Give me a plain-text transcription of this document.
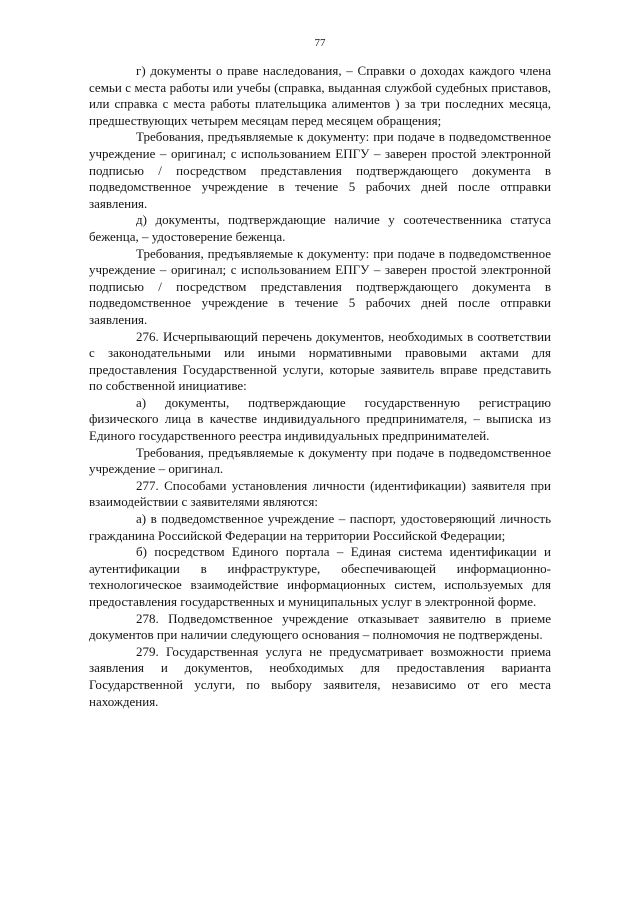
77

г) документы о праве наследования, – Справки о доходах каждого члена семьи с места работы или учебы (справка, выданная службой судебных приставов, или справка с места работы плательщика алиментов ) за три последних месяца, предшествующих четырем месяцам перед месяцем обращения;

Требования, предъявляемые к документу: при подаче в подведомственное учреждение – оригинал; с использованием ЕПГУ – заверен простой электронной подписью / посредством представления подтверждающего документа в подведомственное учреждение в течение 5 рабочих дней после отправки заявления.

д) документы, подтверждающие наличие у соотечественника статуса беженца, – удостоверение беженца.

Требования, предъявляемые к документу: при подаче в подведомственное учреждение – оригинал; с использованием ЕПГУ – заверен простой электронной подписью / посредством представления подтверждающего документа в подведомственное учреждение в течение 5 рабочих дней после отправки заявления.

276. Исчерпывающий перечень документов, необходимых в соответствии с законодательными или иными нормативными правовыми актами для предоставления Государственной услуги, которые заявитель вправе представить по собственной инициативе:

а) документы, подтверждающие государственную регистрацию физического лица в качестве индивидуального предпринимателя, – выписка из Единого государственного реестра индивидуальных предпринимателей.

Требования, предъявляемые к документу при подаче в подведомственное учреждение – оригинал.

277. Способами установления личности (идентификации) заявителя при взаимодействии с заявителями являются:

а) в подведомственное учреждение – паспорт, удостоверяющий личность гражданина Российской Федерации на территории Российской Федерации;

б) посредством Единого портала – Единая система идентификации и аутентификации в инфраструктуре, обеспечивающей информационно-технологическое взаимодействие информационных систем, используемых для предоставления государственных и муниципальных услуг в электронной форме.

278. Подведомственное учреждение отказывает заявителю в приеме документов при наличии следующего основания – полномочия не подтверждены.

279. Государственная услуга не предусматривает возможности приема заявления и документов, необходимых для предоставления варианта Государственной услуги, по выбору заявителя, независимо от его места нахождения.
